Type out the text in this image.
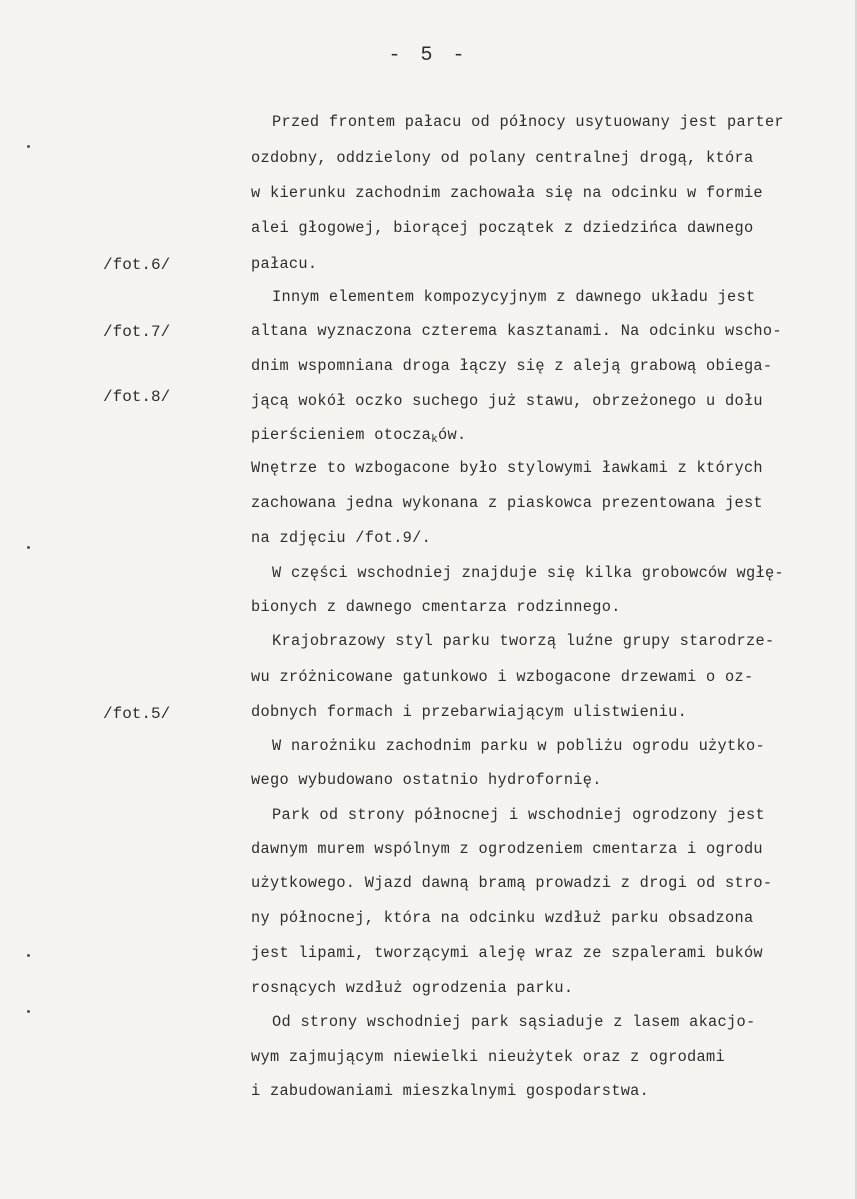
- 5 -
/fot.6/
/fot.7/
/fot.8/
/fot.5/
Przed frontem pałacu od północy usytuowany jest parter
ozdobny, oddzielony od polany centralnej drogą, która
w kierunku zachodnim zachowała się na odcinku w formie
alei głogowej, biorącej początek z dziedzińca dawnego
pałacu.
Innym elementem kompozycyjnym z dawnego układu jest
altana wyznaczona czterema kasztanami. Na odcinku wscho-
dnim wspomniana droga łączy się z aleją grabową obiega-
jącą wokół oczko suchego już stawu, obrzeżonego u dołu
pierścieniem otocza$_k$ów.
Wnętrze to wzbogacone było stylowymi ławkami z których
zachowana jedna wykonana z piaskowca prezentowana jest
na zdjęciu /fot.9/.
W części wschodniej znajduje się kilka grobowców wgłę-
bionych z dawnego cmentarza rodzinnego.
Krajobrazowy styl parku tworzą luźne grupy starodrze-
wu zróżnicowane gatunkowo i wzbogacone drzewami o oz-
dobnych formach i przebarwiającym ulistwieniu.
W narożniku zachodnim parku w pobliżu ogrodu użytko-
wego wybudowano ostatnio hydrofornię.
Park od strony północnej i wschodniej ogrodzony jest
dawnym murem wspólnym z ogrodzeniem cmentarza i ogrodu
użytkowego. Wjazd dawną bramą prowadzi z drogi od stro-
ny północnej, która na odcinku wzdłuż parku obsadzona
jest lipami, tworzącymi aleję wraz ze szpalerami buków
rosnących wzdłuż ogrodzenia parku.
Od strony wschodniej park sąsiaduje z lasem akacjo-
wym zajmującym niewielki nieużytek oraz z ogrodami
i zabudowaniami mieszkalnymi gospodarstwa.
